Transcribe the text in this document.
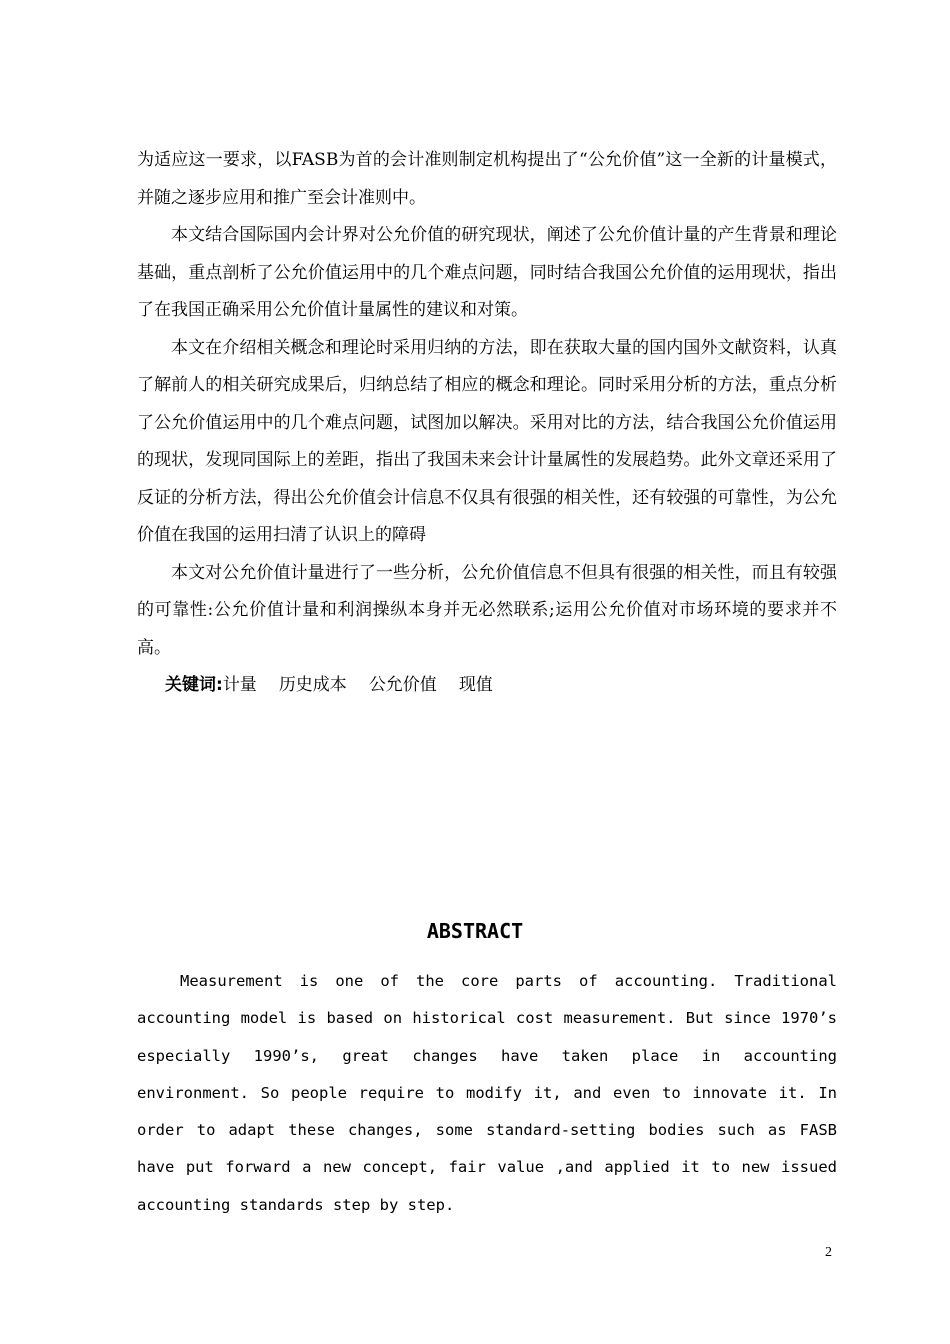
为适应这一要求，以FASB为首的会计准则制定机构提出了“公允价值”这一全新的计量模式，并随之逐步应用和推广至会计准则中。

本文结合国际国内会计界对公允价值的研究现状，阐述了公允价值计量的产生背景和理论基础，重点剖析了公允价值运用中的几个难点问题，同时结合我国公允价值的运用现状，指出了在我国正确采用公允价值计量属性的建议和对策。

本文在介绍相关概念和理论时采用归纳的方法，即在获取大量的国内国外文献资料，认真了解前人的相关研究成果后，归纳总结了相应的概念和理论。同时采用分析的方法，重点分析了公允价值运用中的几个难点问题，试图加以解决。采用对比的方法，结合我国公允价值运用的现状，发现同国际上的差距，指出了我国未来会计计量属性的发展趋势。此外文章还采用了反证的分析方法，得出公允价值会计信息不仅具有很强的相关性，还有较强的可靠性，为公允价值在我国的运用扫清了认识上的障碍

本文对公允价值计量进行了一些分析，公允价值信息不但具有很强的相关性，而且有较强的可靠性:公允价值计量和利润操纵本身并无必然联系;运用公允价值对市场环境的要求并不高。

关键词:计量 历史成本 公允价值 现值

ABSTRACT

Measurement is one of the core parts of accounting. Traditional accounting model is based on historical cost measurement. But since 1970’s especially 1990’s, great changes have taken place in accounting environment. So people require to modify it, and even to innovate it. In order to adapt these changes, some standard-setting bodies such as FASB have put forward a new concept, fair value ,and applied it to new issued accounting standards step by step.

2
